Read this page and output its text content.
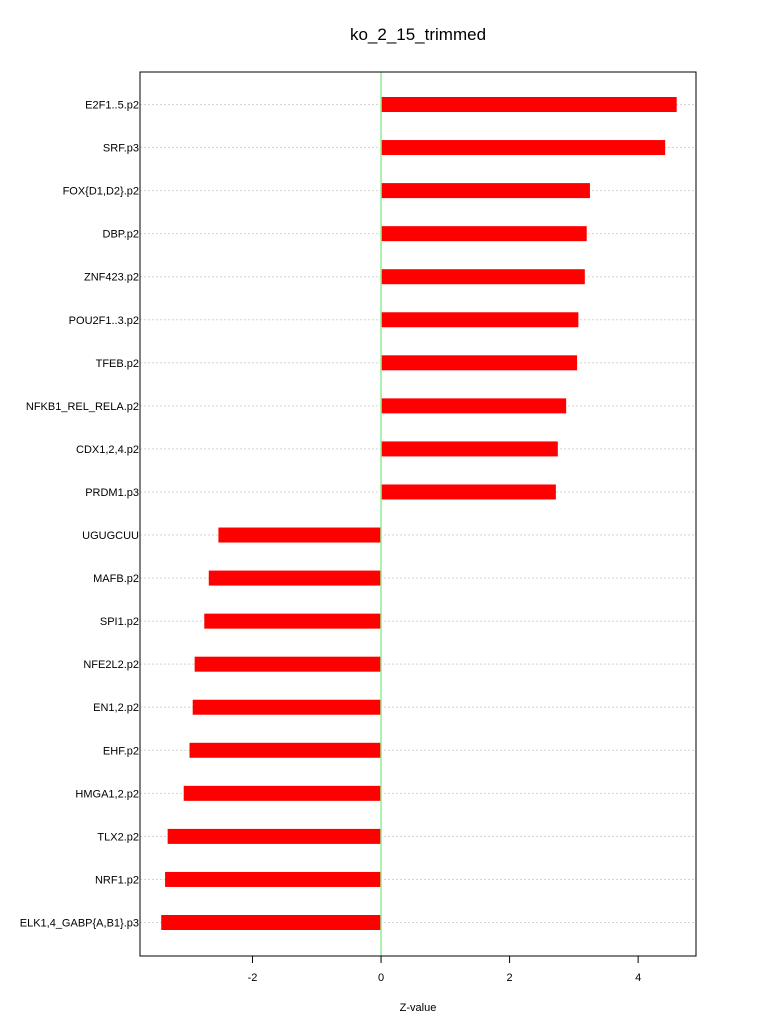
ko_2_15_trimmed
E2F1..5.p2
SRF.p3
FOX{D1,D2}.p2
DBP.p2
ZNF423.p2
POU2F1..3.p2
TFEB.p2
NFKB1_REL_RELA.p2
CDX1,2,4.p2
PRDM1.p3
UGUGCUU
MAFB.p2
SPI1.p2
NFE2L2.p2
EN1,2.p2
EHF.p2
HMGA1,2.p2
TLX2.p2
NRF1.p2
ELK1,4_GABP{A,B1}.p3
-2	0	2	4
Z-value
